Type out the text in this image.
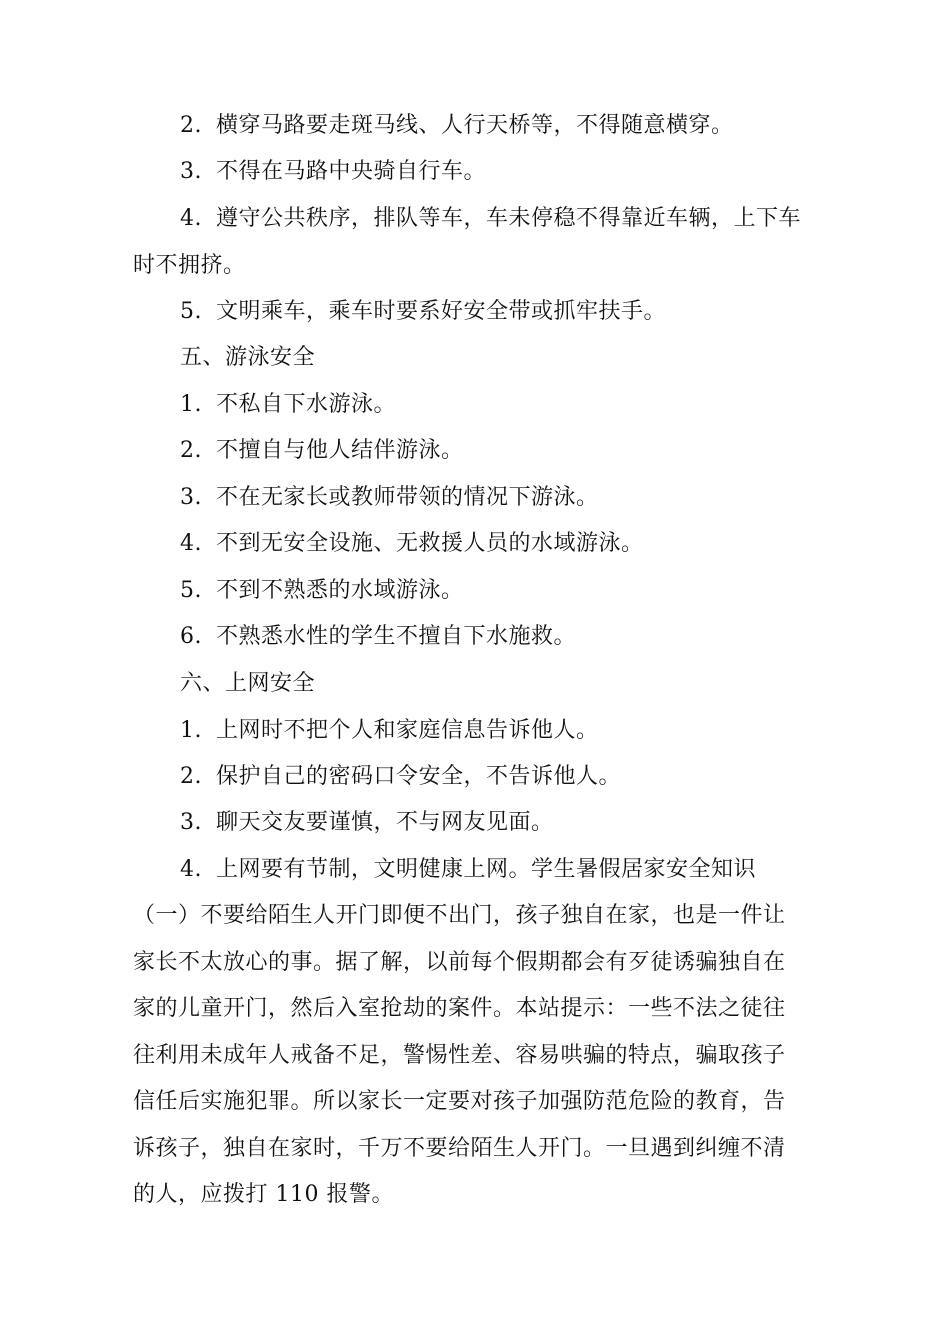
2. 横穿马路要走斑马线、人行天桥等，不得随意横穿。
3. 不得在马路中央骑自行车。
4. 遵守公共秩序，排队等车，车未停稳不得靠近车辆，上下车
时不拥挤。
5. 文明乘车，乘车时要系好安全带或抓牢扶手。
五、游泳安全
1. 不私自下水游泳。
2. 不擅自与他人结伴游泳。
3. 不在无家长或教师带领的情况下游泳。
4. 不到无安全设施、无救援人员的水域游泳。
5. 不到不熟悉的水域游泳。
6. 不熟悉水性的学生不擅自下水施救。
六、上网安全
1. 上网时不把个人和家庭信息告诉他人。
2. 保护自己的密码口令安全，不告诉他人。
3. 聊天交友要谨慎，不与网友见面。
4. 上网要有节制，文明健康上网。学生暑假居家安全知识
（一）不要给陌生人开门即便不出门，孩子独自在家，也是一件让
家长不太放心的事。据了解，以前每个假期都会有歹徒诱骗独自在
家的儿童开门，然后入室抢劫的案件。本站提示：一些不法之徒往
往利用未成年人戒备不足，警惕性差、容易哄骗的特点，骗取孩子
信任后实施犯罪。所以家长一定要对孩子加强防范危险的教育，告
诉孩子，独自在家时，千万不要给陌生人开门。一旦遇到纠缠不清
的人，应拨打 110 报警。
